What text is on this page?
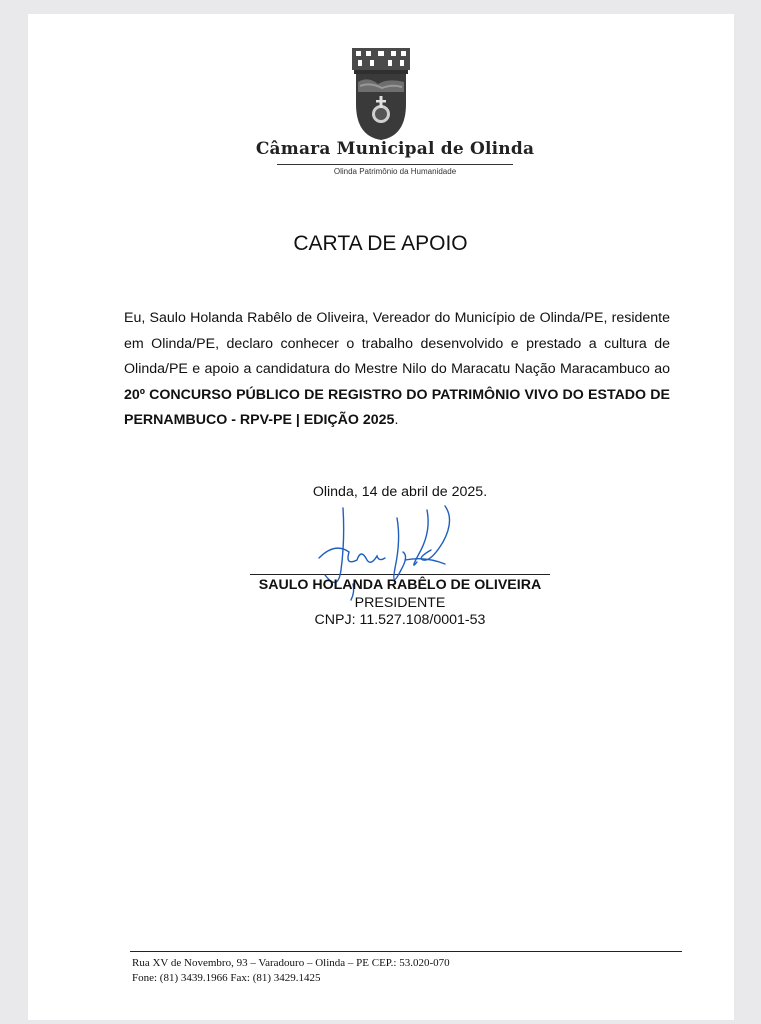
Câmara Municipal de Olinda
Olinda Patrimônio da Humanidade
CARTA DE APOIO
Eu, Saulo Holanda Rabêlo de Oliveira, Vereador do Município de Olinda/PE, residente em Olinda/PE, declaro conhecer o trabalho desenvolvido e prestado a cultura de Olinda/PE e apoio a candidatura do Mestre Nilo do Maracatu Nação Maracambuco ao 20º CONCURSO PÚBLICO DE REGISTRO DO PATRIMÔNIO VIVO DO ESTADO DE PERNAMBUCO - RPV-PE | EDIÇÃO 2025.
Olinda, 14 de abril de 2025.
SAULO HOLANDA RABÊLO DE OLIVEIRA
PRESIDENTE
CNPJ: 11.527.108/0001-53
Rua XV de Novembro, 93 – Varadouro – Olinda – PE CEP.: 53.020-070
Fone: (81) 3439.1966 Fax: (81) 3429.1425
